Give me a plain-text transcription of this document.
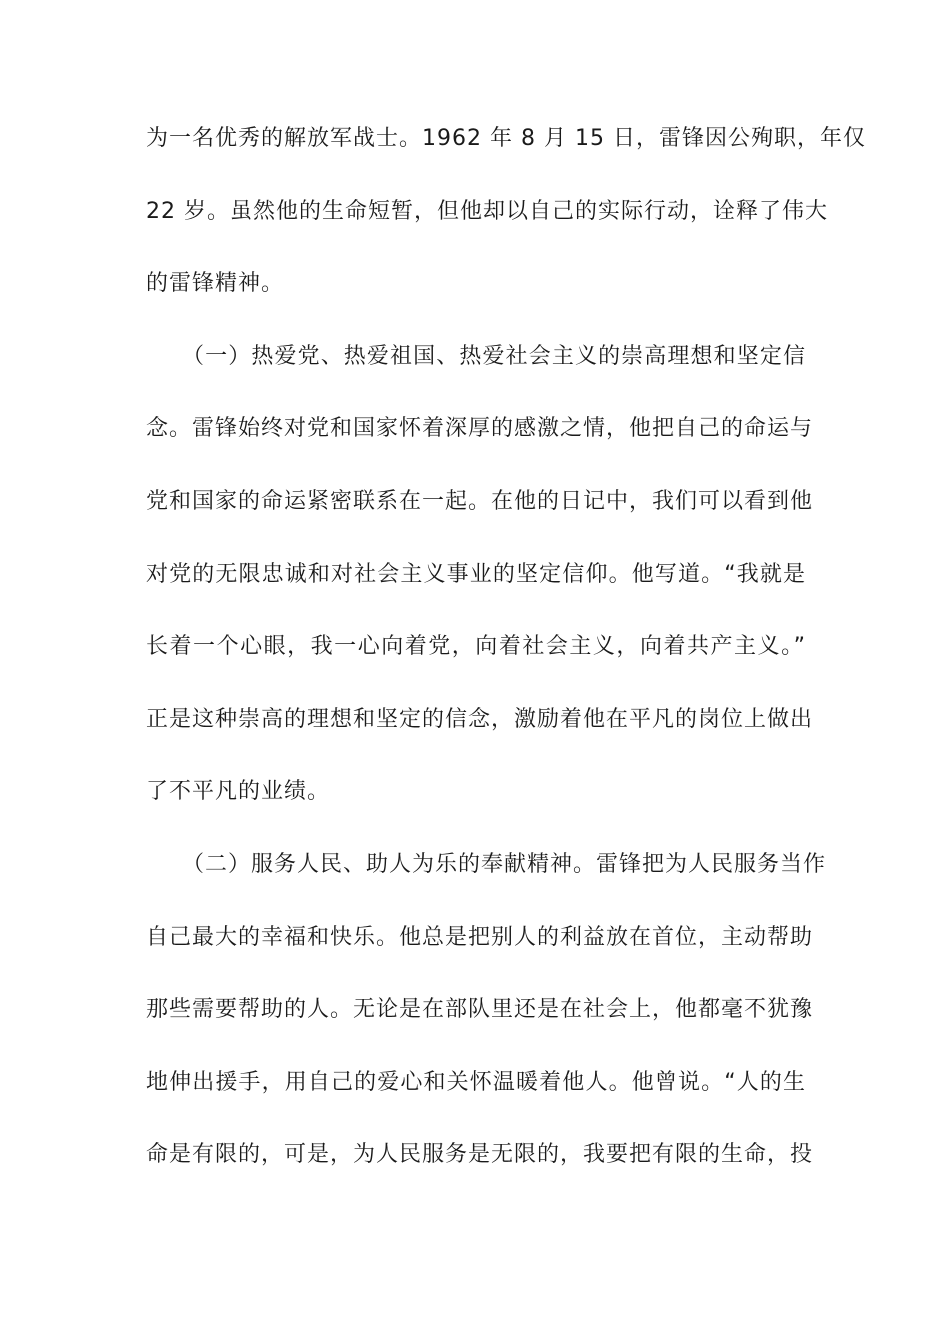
为一名优秀的解放军战士。1962 年 8 月 15 日，雷锋因公殉职，年仅
22 岁。虽然他的生命短暂，但他却以自己的实际行动，诠释了伟大
的雷锋精神。
（一）热爱党、热爱祖国、热爱社会主义的崇高理想和坚定信
念。雷锋始终对党和国家怀着深厚的感激之情，他把自己的命运与
党和国家的命运紧密联系在一起。在他的日记中，我们可以看到他
对党的无限忠诚和对社会主义事业的坚定信仰。他写道。“我就是
长着一个心眼，我一心向着党，向着社会主义，向着共产主义。”
正是这种崇高的理想和坚定的信念，激励着他在平凡的岗位上做出
了不平凡的业绩。
（二）服务人民、助人为乐的奉献精神。雷锋把为人民服务当作
自己最大的幸福和快乐。他总是把别人的利益放在首位，主动帮助
那些需要帮助的人。无论是在部队里还是在社会上，他都毫不犹豫
地伸出援手，用自己的爱心和关怀温暖着他人。他曾说。“人的生
命是有限的，可是，为人民服务是无限的，我要把有限的生命，投
